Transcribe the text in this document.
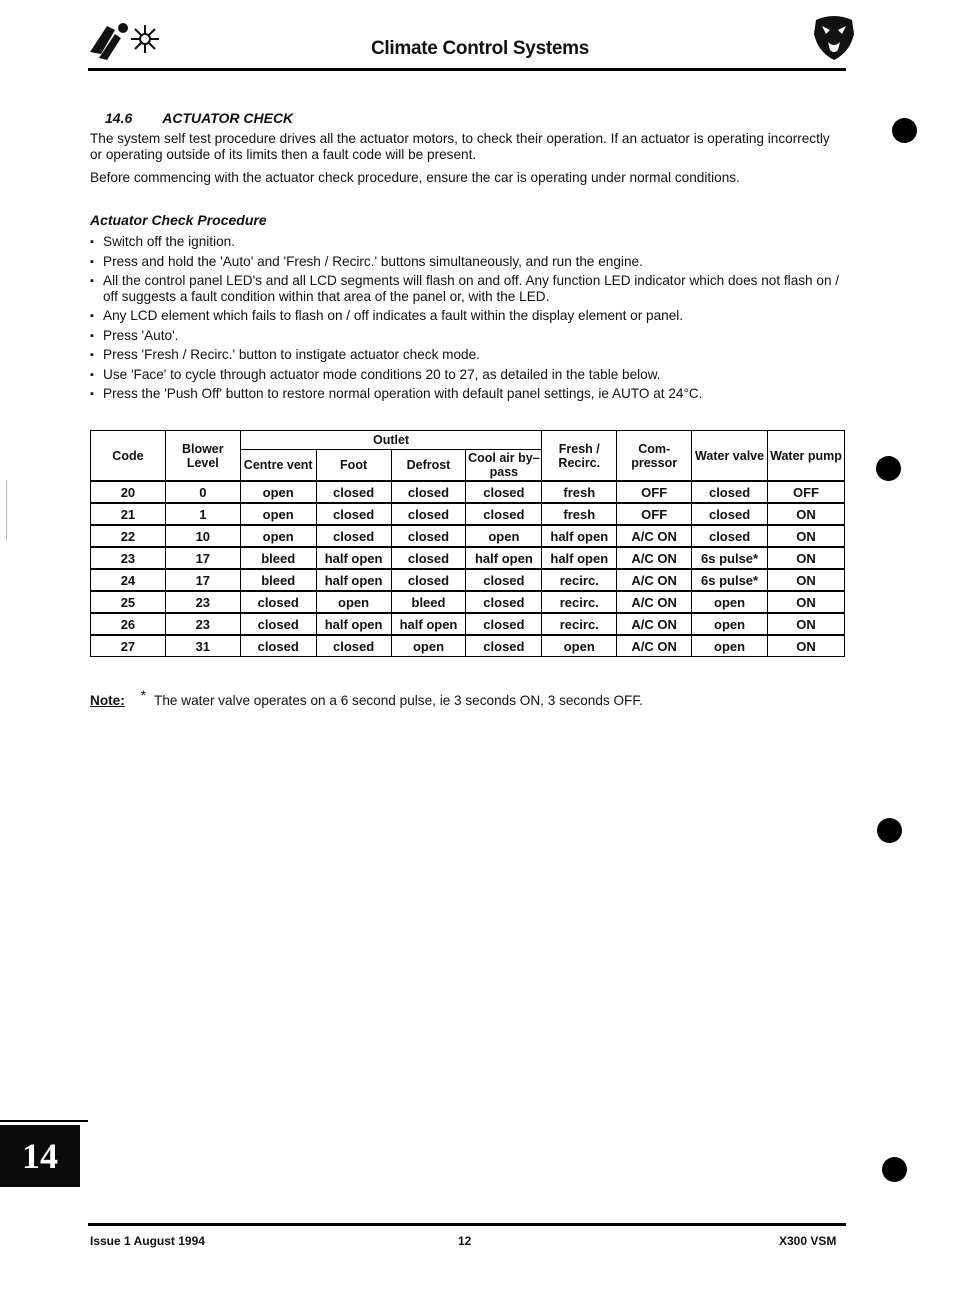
Climate Control Systems
14.6 ACTUATOR CHECK
The system self test procedure drives all the actuator motors, to check their operation. If an actuator is operating incorrectly or operating outside of its limits then a fault code will be present.
Before commencing with the actuator check procedure, ensure the car is operating under normal conditions.
Actuator Check Procedure
▪ Switch off the ignition.
▪ Press and hold the 'Auto' and 'Fresh / Recirc.' buttons simultaneously, and run the engine.
▪ All the control panel LED's and all LCD segments will flash on and off. Any function LED indicator which does not flash on / off suggests a fault condition within that area of the panel or, with the LED.
▪ Any LCD element which fails to flash on / off indicates a fault within the display element or panel.
▪ Press 'Auto'.
▪ Press 'Fresh / Recirc.' button to instigate actuator check mode.
▪ Use 'Face' to cycle through actuator mode conditions 20 to 27, as detailed in the table below.
▪ Press the 'Push Off' button to restore normal operation with default panel settings, ie AUTO at 24°C.
Code	Blower Level	Outlet				Fresh / Recirc.	Com- pressor	Water valve	Water pump
		Centre vent	Foot	Defrost	Cool air by–pass				
20	0	open	closed	closed	closed	fresh	OFF	closed	OFF
21	1	open	closed	closed	closed	fresh	OFF	closed	ON
22	10	open	closed	closed	open	half open	A/C ON	closed	ON
23	17	bleed	half open	closed	half open	half open	A/C ON	6s pulse*	ON
24	17	bleed	half open	closed	closed	recirc.	A/C ON	6s pulse*	ON
25	23	closed	open	bleed	closed	recirc.	A/C ON	open	ON
26	23	closed	half open	half open	closed	recirc.	A/C ON	open	ON
27	31	closed	closed	open	closed	open	A/C ON	open	ON
Note: * The water valve operates on a 6 second pulse, ie 3 seconds ON, 3 seconds OFF.
14
Issue 1 August 1994	12	X300 VSM
